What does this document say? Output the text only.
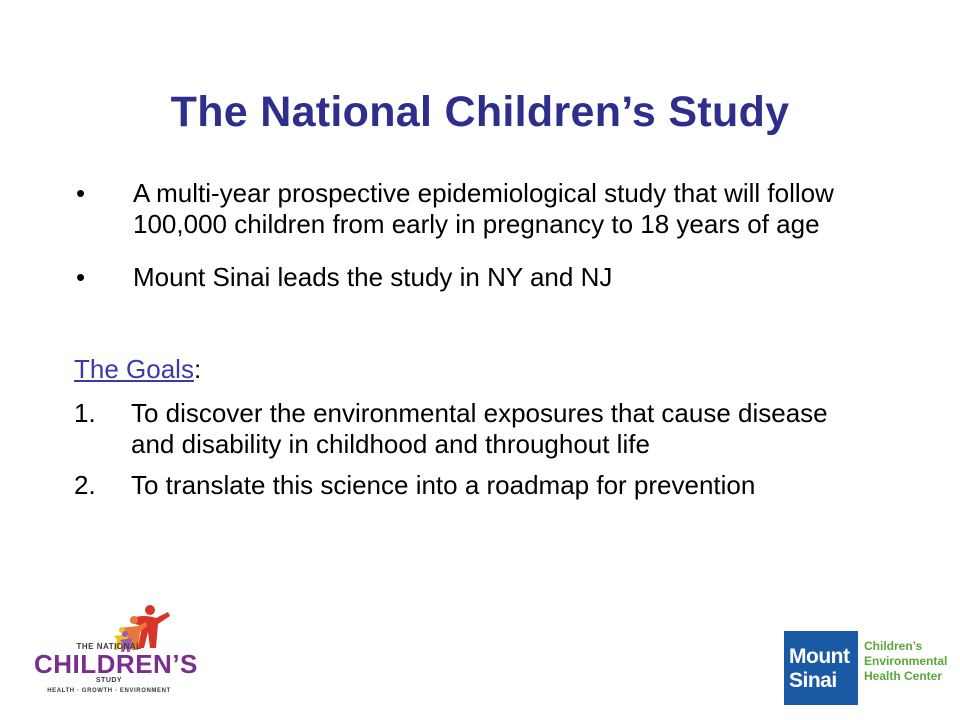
The National Children’s Study
•	A multi-year prospective epidemiological study that will follow 100,000 children from early in pregnancy to 18 years of age
•	Mount Sinai leads the study in NY and NJ
The Goals:
1.	To discover the environmental exposures that cause disease and disability in childhood and throughout life
2.	To translate this science into a roadmap for prevention
THE NATIONAL
CHILDREN’S
STUDY
HEALTH · GROWTH · ENVIRONMENT
Mount
Sinai
Children’s
Environmental
Health Center
